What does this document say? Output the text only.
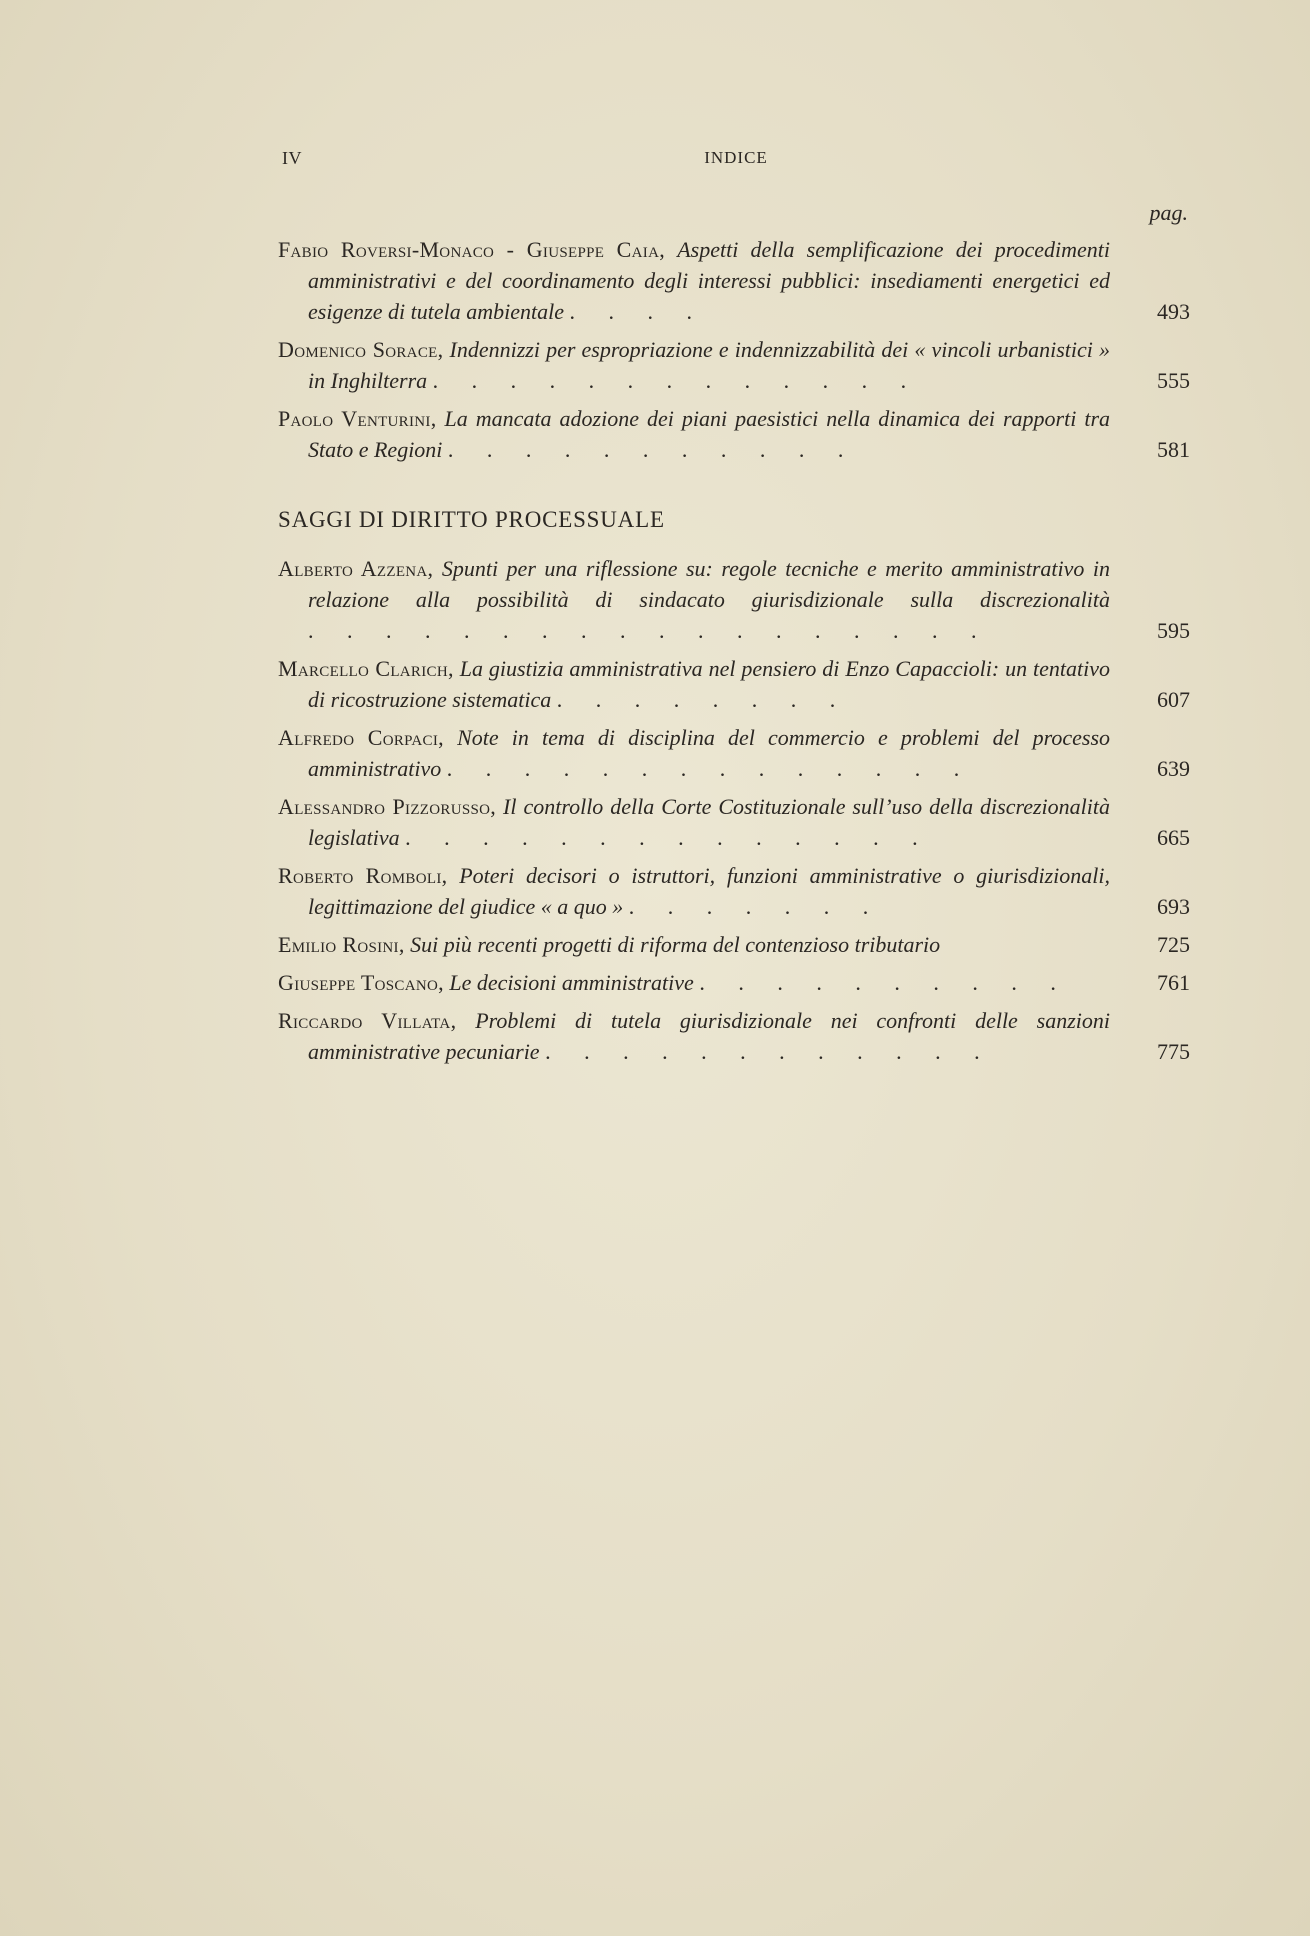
IV	INDICE
pag.
Fabio Roversi-Monaco - Giuseppe Caia, Aspetti della semplificazione dei procedimenti amministrativi e del coordinamento degli interessi pubblici: insediamenti energetici ed esigenze di tutela ambientale . . . .	493
Domenico Sorace, Indennizzi per espropriazione e indennizzabilità dei « vincoli urbanistici » in Inghilterra . . . . . . . . . . . . .	555
Paolo Venturini, La mancata adozione dei piani paesistici nella dinamica dei rapporti tra Stato e Regioni . . . . . . . . . . .	581
SAGGI DI DIRITTO PROCESSUALE
Alberto Azzena, Spunti per una riflessione su: regole tecniche e merito amministrativo in relazione alla possibilità di sindacato giurisdizionale sulla discrezionalità . . . . . . . . . . . . . . . . . .	595
Marcello Clarich, La giustizia amministrativa nel pensiero di Enzo Capaccioli: un tentativo di ricostruzione sistematica . . . . . . . .	607
Alfredo Corpaci, Note in tema di disciplina del commercio e problemi del processo amministrativo . . . . . . . . . . . . . .	639
Alessandro Pizzorusso, Il controllo della Corte Costituzionale sull’uso della discrezionalità legislativa . . . . . . . . . . . . . .	665
Roberto Romboli, Poteri decisori o istruttori, funzioni amministrative o giurisdizionali, legittimazione del giudice « a quo » . . . . . . .	693
Emilio Rosini, Sui più recenti progetti di riforma del contenzioso tributario	725
Giuseppe Toscano, Le decisioni amministrative . . . . . . . . . .	761
Riccardo Villata, Problemi di tutela giurisdizionale nei confronti delle sanzioni amministrative pecuniarie . . . . . . . . . . . .	775
